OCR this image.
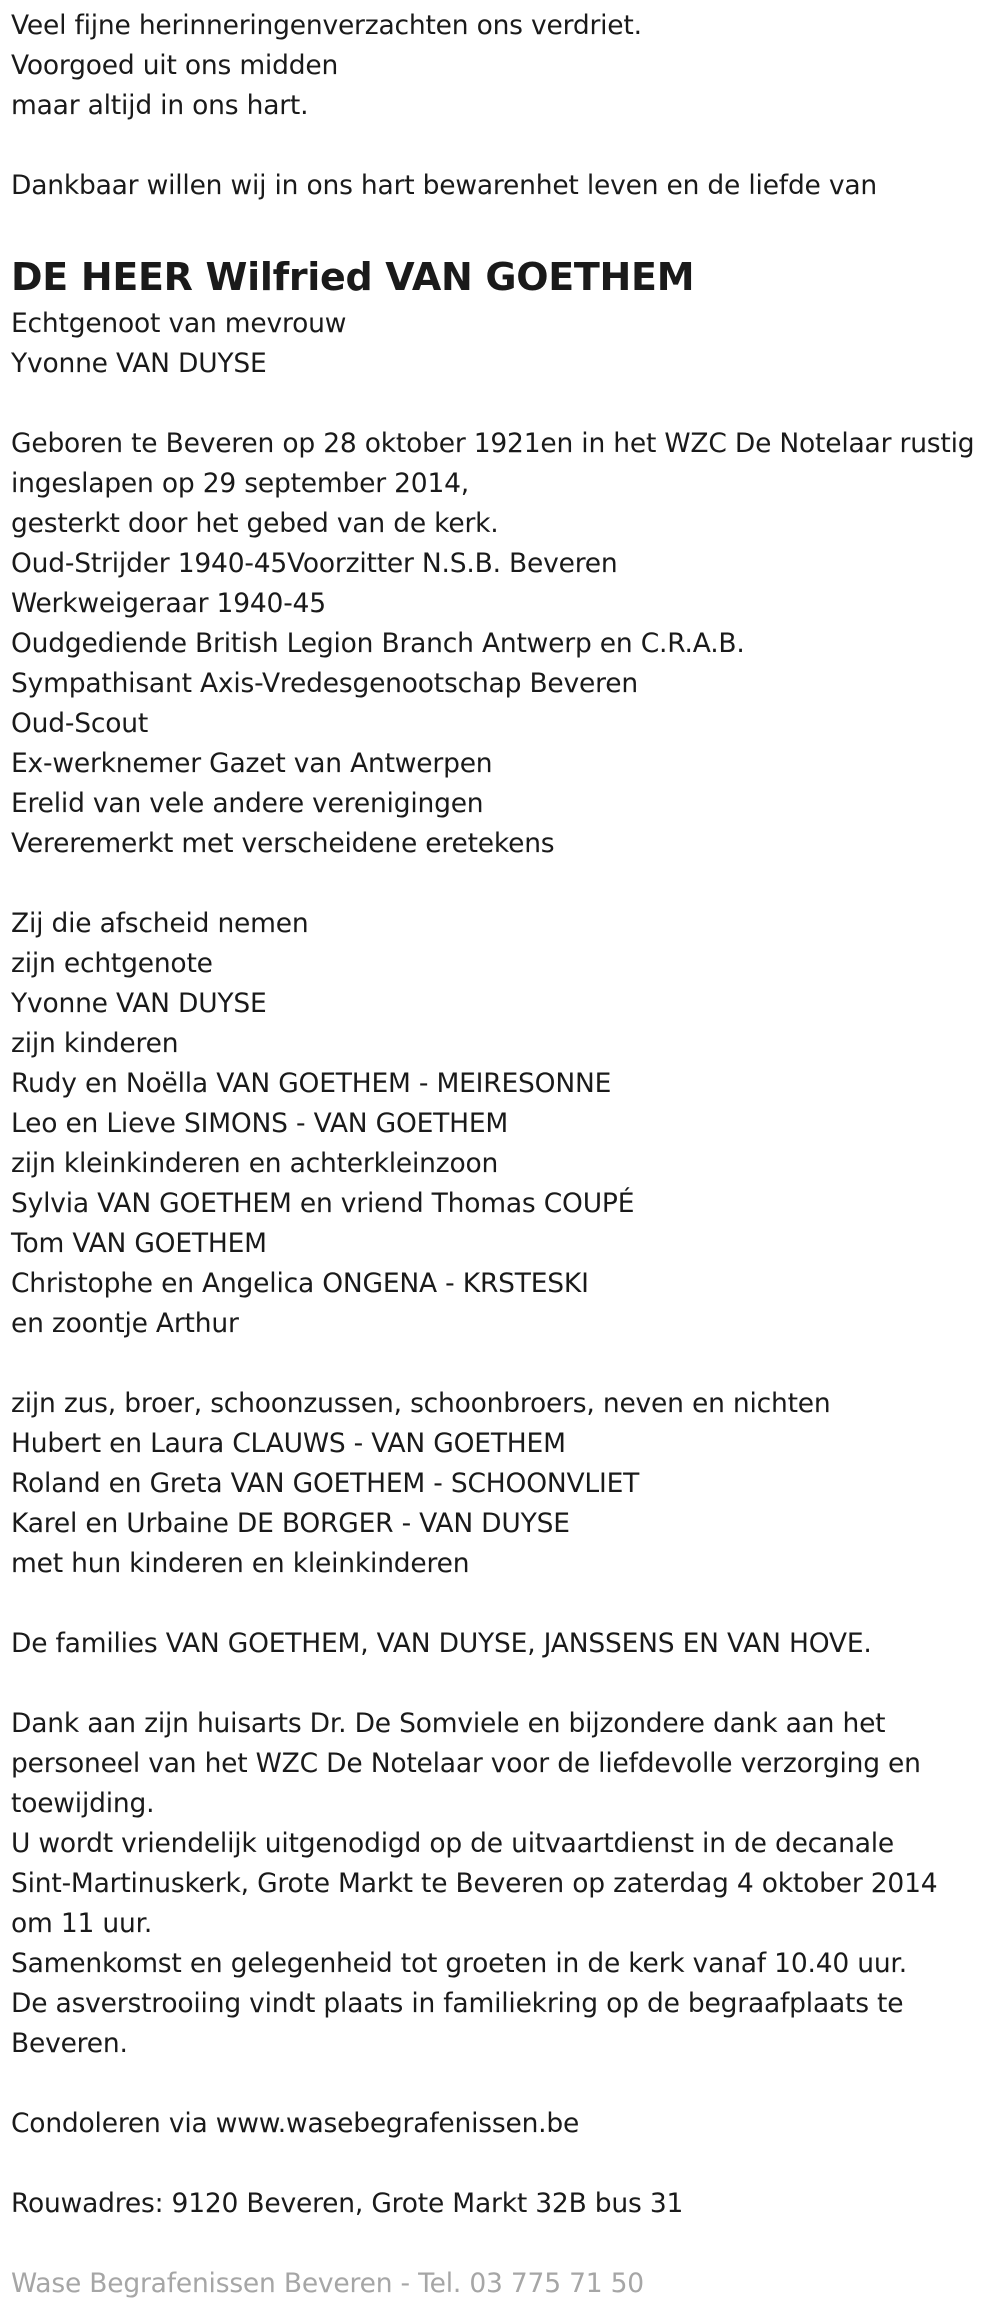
Veel fijne herinneringenverzachten ons verdriet.
Voorgoed uit ons midden
maar altijd in ons hart.
Dankbaar willen wij in ons hart bewarenhet leven en de liefde van
DE HEER Wilfried VAN GOETHEM
Echtgenoot van mevrouw
Yvonne VAN DUYSE
Geboren te Beveren op 28 oktober 1921en in het WZC De Notelaar rustig
ingeslapen op 29 september 2014,
gesterkt door het gebed van de kerk.
Oud-Strijder 1940-45Voorzitter N.S.B. Beveren
Werkweigeraar 1940-45
Oudgediende British Legion Branch Antwerp en C.R.A.B.
Sympathisant Axis-Vredesgenootschap Beveren
Oud-Scout
Ex-werknemer Gazet van Antwerpen
Erelid van vele andere verenigingen
Vereremerkt met verscheidene eretekens
Zij die afscheid nemen
zijn echtgenote
Yvonne VAN DUYSE
zijn kinderen
Rudy en Noëlla VAN GOETHEM - MEIRESONNE
Leo en Lieve SIMONS - VAN GOETHEM
zijn kleinkinderen en achterkleinzoon
Sylvia VAN GOETHEM en vriend Thomas COUPÉ
Tom VAN GOETHEM
Christophe en Angelica ONGENA - KRSTESKI
en zoontje Arthur
zijn zus, broer, schoonzussen, schoonbroers, neven en nichten
Hubert en Laura CLAUWS - VAN GOETHEM
Roland en Greta VAN GOETHEM - SCHOONVLIET
Karel en Urbaine DE BORGER - VAN DUYSE
met hun kinderen en kleinkinderen
De families VAN GOETHEM, VAN DUYSE, JANSSENS EN VAN HOVE.
Dank aan zijn huisarts Dr. De Somviele en bijzondere dank aan het
personeel van het WZC De Notelaar voor de liefdevolle verzorging en
toewijding.
U wordt vriendelijk uitgenodigd op de uitvaartdienst in de decanale
Sint-Martinuskerk, Grote Markt te Beveren op zaterdag 4 oktober 2014
om 11 uur.
Samenkomst en gelegenheid tot groeten in de kerk vanaf 10.40 uur.
De asverstrooiing vindt plaats in familiekring op de begraafplaats te
Beveren.
Condoleren via www.wasebegrafenissen.be
Rouwadres: 9120 Beveren, Grote Markt 32B bus 31
Wase Begrafenissen Beveren - Tel. 03 775 71 50
